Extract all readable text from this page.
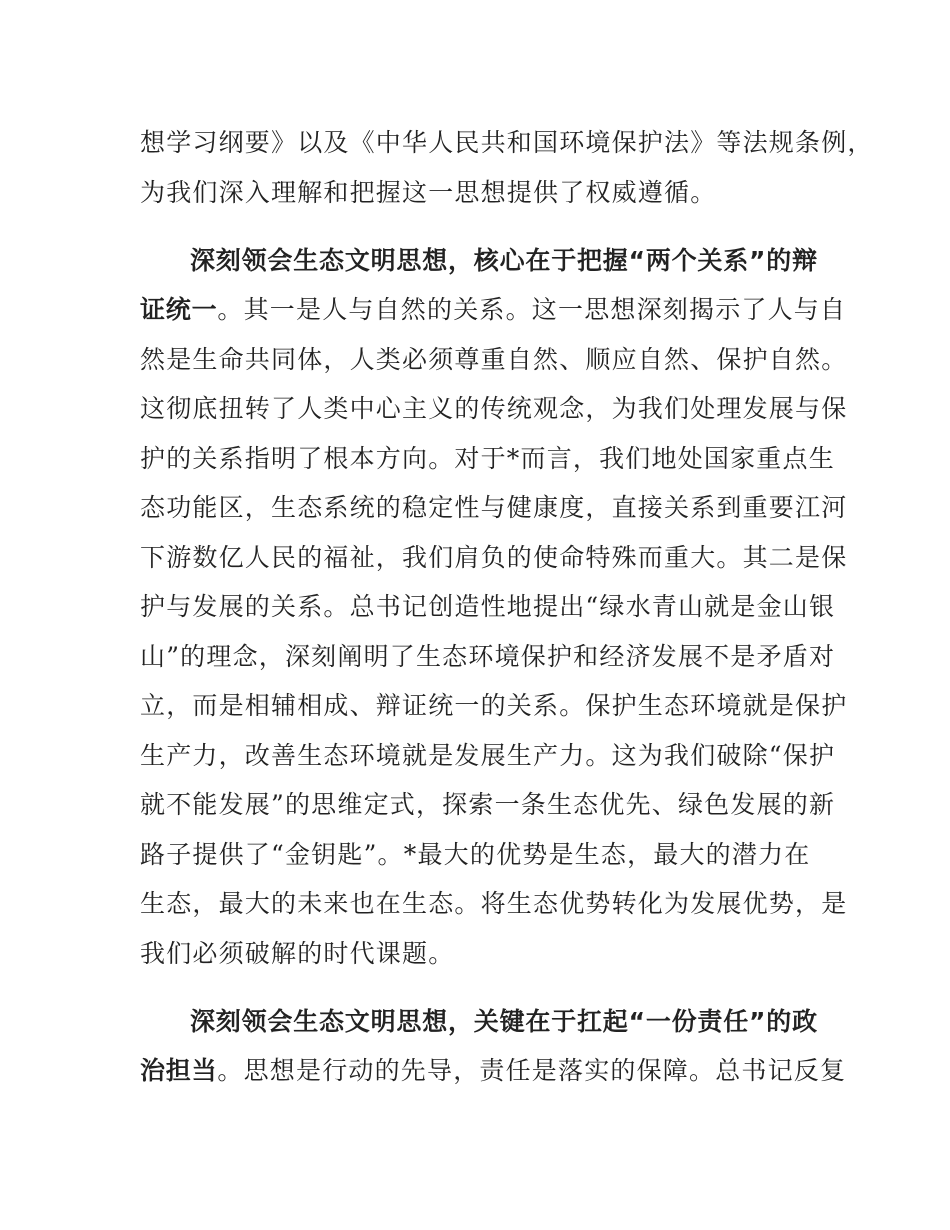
想学习纲要》以及《中华人民共和国环境保护法》等法规条例，
为我们深入理解和把握这一思想提供了权威遵循。
深刻领会生态文明思想，核心在于把握“两个关系”的辩
证统一。其一是人与自然的关系。这一思想深刻揭示了人与自
然是生命共同体，人类必须尊重自然、顺应自然、保护自然。
这彻底扭转了人类中心主义的传统观念，为我们处理发展与保
护的关系指明了根本方向。对于*而言，我们地处国家重点生
态功能区，生态系统的稳定性与健康度，直接关系到重要江河
下游数亿人民的福祉，我们肩负的使命特殊而重大。其二是保
护与发展的关系。总书记创造性地提出“绿水青山就是金山银
山”的理念，深刻阐明了生态环境保护和经济发展不是矛盾对
立，而是相辅相成、辩证统一的关系。保护生态环境就是保护
生产力，改善生态环境就是发展生产力。这为我们破除“保护
就不能发展”的思维定式，探索一条生态优先、绿色发展的新
路子提供了“金钥匙”。*最大的优势是生态，最大的潜力在
生态，最大的未来也在生态。将生态优势转化为发展优势，是
我们必须破解的时代课题。
深刻领会生态文明思想，关键在于扛起“一份责任”的政
治担当。思想是行动的先导，责任是落实的保障。总书记反复
